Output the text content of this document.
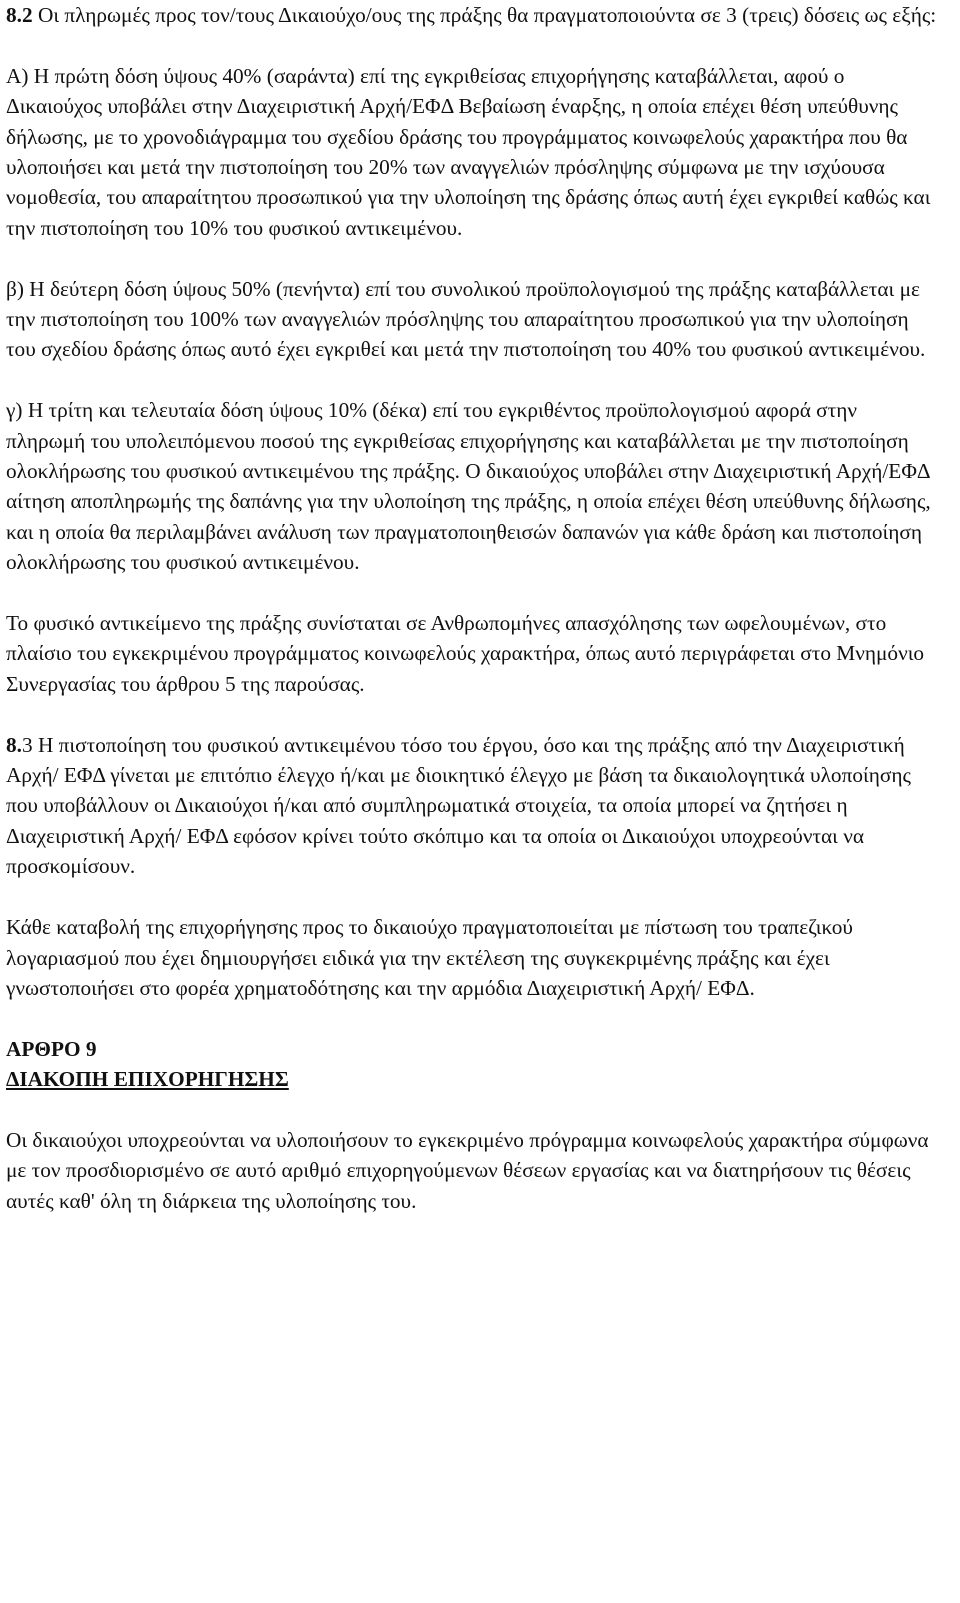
8.2 Οι πληρωμές προς τον/τους Δικαιούχο/ους της πράξης θα πραγματοποιούντα σε 3 (τρεις) δόσεις ως εξής:

Α) Η πρώτη δόση ύψους 40% (σαράντα) επί της εγκριθείσας επιχορήγησης καταβάλλεται, αφού ο Δικαιούχος υποβάλει στην Διαχειριστική Αρχή/ΕΦΔ Βεβαίωση έναρξης, η οποία επέχει θέση υπεύθυνης δήλωσης, με το χρονοδιάγραμμα του σχεδίου δράσης του προγράμματος κοινωφελούς χαρακτήρα που θα υλοποιήσει και μετά την πιστοποίηση του 20% των αναγγελιών πρόσληψης σύμφωνα με την ισχύουσα νομοθεσία, του απαραίτητου προσωπικού για την υλοποίηση της δράσης όπως αυτή έχει εγκριθεί καθώς και την πιστοποίηση του 10% του φυσικού αντικειμένου.

β) Η δεύτερη δόση ύψους 50% (πενήντα) επί του συνολικού προϋπολογισμού της πράξης καταβάλλεται με την πιστοποίηση του 100% των αναγγελιών πρόσληψης του απαραίτητου προσωπικού για την υλοποίηση του σχεδίου δράσης όπως αυτό έχει εγκριθεί και μετά την πιστοποίηση του 40% του φυσικού αντικειμένου.

γ) Η τρίτη και τελευταία δόση ύψους 10% (δέκα) επί του εγκριθέντος προϋπολογισμού αφορά στην πληρωμή του υπολειπόμενου ποσού της εγκριθείσας επιχορήγησης και καταβάλλεται με την πιστοποίηση ολοκλήρωσης του φυσικού αντικειμένου της πράξης. Ο δικαιούχος υποβάλει στην Διαχειριστική Αρχή/ΕΦΔ αίτηση αποπληρωμής της δαπάνης για την υλοποίηση της πράξης, η οποία επέχει θέση υπεύθυνης δήλωσης, και η οποία θα περιλαμβάνει ανάλυση των πραγματοποιηθεισών δαπανών για κάθε δράση και πιστοποίηση ολοκλήρωσης του φυσικού αντικειμένου.

Το φυσικό αντικείμενο της πράξης συνίσταται σε Ανθρωπομήνες απασχόλησης των ωφελουμένων, στο πλαίσιο του εγκεκριμένου προγράμματος κοινωφελούς χαρακτήρα, όπως αυτό περιγράφεται στο Μνημόνιο Συνεργασίας του άρθρου 5 της παρούσας.

8.3 Η πιστοποίηση του φυσικού αντικειμένου τόσο του έργου, όσο και της πράξης από την Διαχειριστική Αρχή/ ΕΦΔ γίνεται με επιτόπιο έλεγχο ή/και με διοικητικό έλεγχο με βάση τα δικαιολογητικά υλοποίησης που υποβάλλουν οι Δικαιούχοι ή/και από συμπληρωματικά στοιχεία, τα οποία μπορεί να ζητήσει η Διαχειριστική Αρχή/ ΕΦΔ εφόσον κρίνει τούτο σκόπιμο και τα οποία οι Δικαιούχοι υποχρεούνται να προσκομίσουν.

Κάθε καταβολή της επιχορήγησης προς το δικαιούχο πραγματοποιείται με πίστωση του τραπεζικού λογαριασμού που έχει δημιουργήσει ειδικά για την εκτέλεση της συγκεκριμένης πράξης και έχει γνωστοποιήσει στο φορέα χρηματοδότησης και την αρμόδια Διαχειριστική Αρχή/ ΕΦΔ.

ΑΡΘΡΟ 9

ΔΙΑΚΟΠΗ ΕΠΙΧΟΡΗΓΗΣΗΣ

Οι δικαιούχοι υποχρεούνται να υλοποιήσουν το εγκεκριμένο πρόγραμμα κοινωφελούς χαρακτήρα σύμφωνα με τον προσδιορισμένο σε αυτό αριθμό επιχορηγούμενων θέσεων εργασίας και να διατηρήσουν τις θέσεις αυτές καθ' όλη τη διάρκεια της υλοποίησης του.
